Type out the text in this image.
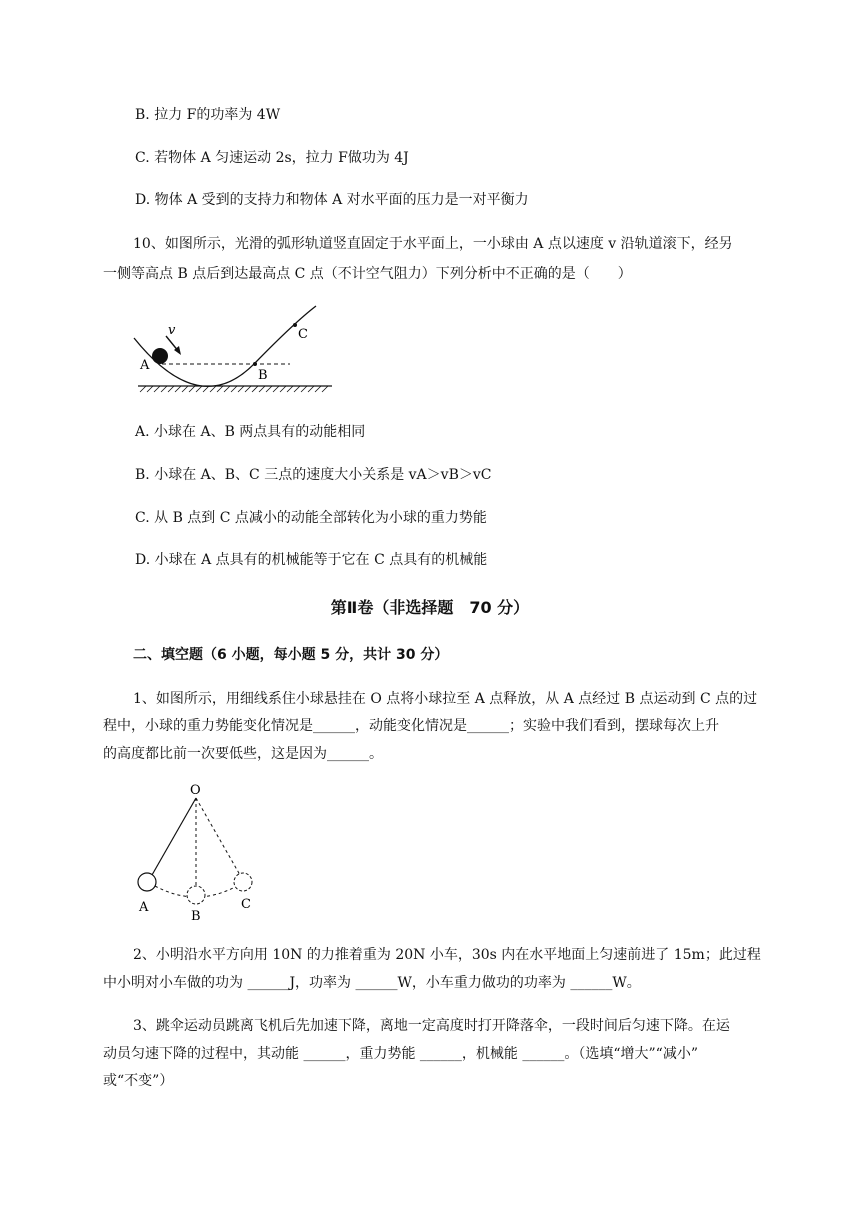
B. 拉力 F的功率为 4W
C. 若物体 A 匀速运动 2s，拉力 F做功为 4J
D. 物体 A 受到的支持力和物体 A 对水平面的压力是一对平衡力
10、如图所示，光滑的弧形轨道竖直固定于水平面上，一小球由 A 点以速度 v 沿轨道滚下，经另
一侧等高点 B 点后到达最高点 C 点（不计空气阻力）下列分析中不正确的是（　　）
v
A
B
C
A. 小球在 A、B 两点具有的动能相同
B. 小球在 A、B、C 三点的速度大小关系是 vA＞vB＞vC
C. 从 B 点到 C 点减小的动能全部转化为小球的重力势能
D. 小球在 A 点具有的机械能等于它在 C 点具有的机械能
第Ⅱ卷（非选择题　70 分）
二、填空题（6 小题，每小题 5 分，共计 30 分）
1、如图所示，用细线系住小球悬挂在 O 点将小球拉至 A 点释放，从 A 点经过 B 点运动到 C 点的过
程中，小球的重力势能变化情况是______，动能变化情况是______；实验中我们看到，摆球每次上升
的高度都比前一次要低些，这是因为______。
O
A
B
C
2、小明沿水平方向用 10N 的力推着重为 20N 小车，30s 内在水平地面上匀速前进了 15m；此过程
中小明对小车做的功为 ______J，功率为 ______W，小车重力做功的功率为 ______W。
3、跳伞运动员跳离飞机后先加速下降，离地一定高度时打开降落伞，一段时间后匀速下降。在运
动员匀速下降的过程中，其动能 ______，重力势能 ______，机械能 ______。（选填“增大”“减小”
或“不变”）
